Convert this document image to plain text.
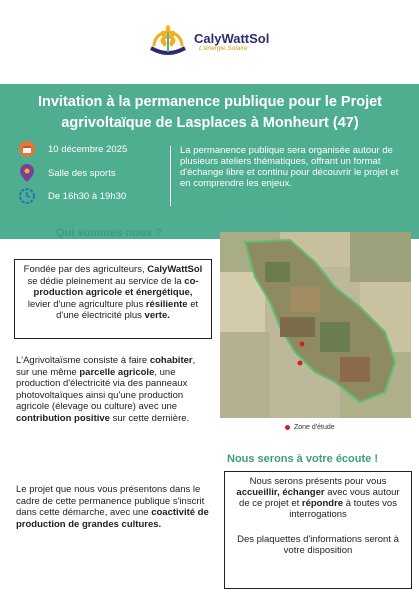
CalyWattSol
L'énergie Solaire
Invitation à la permanence publique pour le Projet
agrivoltaïque de Lasplaces à Monheurt (47)
10 décembre 2025
Salle des sports
De 16h30 à 19h30
La permanence publique sera organisée autour de plusieurs ateliers thématiques, offrant un format d'échange libre et continu pour découvrir le projet et en comprendre les enjeux.
Qui sommes-nous ?

Fondée par des agriculteurs, CalyWattSol se dédie pleinement au service de la co-production agricole et énergétique, levier d'une agriculture plus résiliente et d'une électricité plus verte.

L'Agrivoltaïsme consiste à faire cohabiter, sur une même parcelle agricole, une production d'électricité via des panneaux photovoltaïques ainsi qu'une production agricole (élevage ou culture) avec une contribution positive sur cette dernière.
Le projet que nous vous présentons dans le cadre de cette permanence publique s'inscrit dans cette démarche, avec une coactivité de production de grandes cultures.
Zone d'étude
Nous serons à votre écoute !

Nous serons présents pour vous accueillir, échanger avec vous autour de ce projet et répondre à toutes vos interrogations

Des plaquettes d'informations seront à votre disposition
